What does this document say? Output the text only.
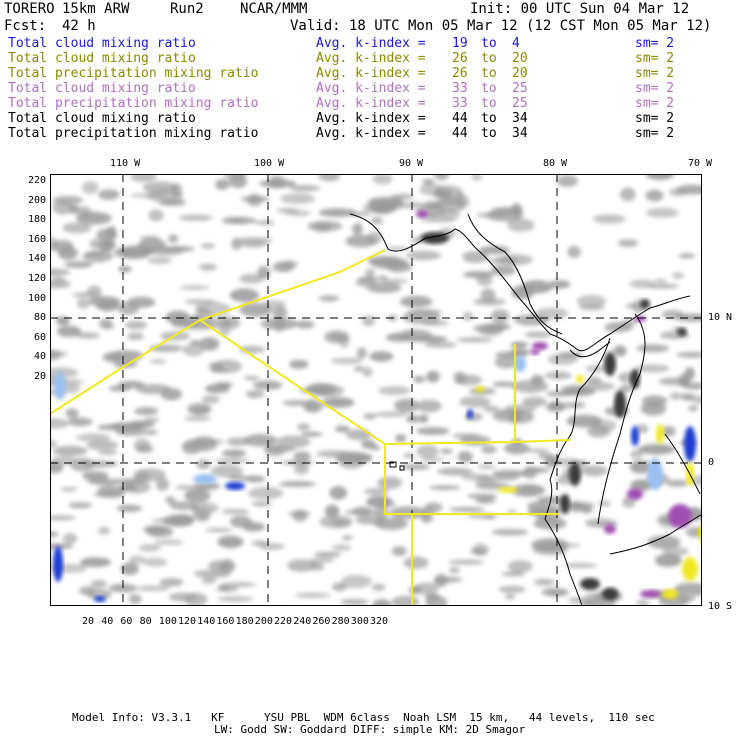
TORERO 15km ARW	Run2	NCAR/MMM	Init: 00 UTC Sun 04 Mar 12
Fcst: 42 h	Valid: 18 UTC Mon 05 Mar 12 (12 CST Mon 05 Mar 12)
Total cloud mixing ratio	Avg. k-index = 19 to 4	sm= 2
Total cloud mixing ratio	Avg. k-index = 26 to 20	sm= 2
Total precipitation mixing ratio	Avg. k-index = 26 to 20	sm= 2
Total cloud mixing ratio	Avg. k-index = 33 to 25	sm= 2
Total precipitation mixing ratio	Avg. k-index = 33 to 25	sm= 2
Total cloud mixing ratio	Avg. k-index = 44 to 34	sm= 2
Total precipitation mixing ratio	Avg. k-index = 44 to 34	sm= 2
110 W	100 W	90 W	80 W	70 W
10 N
0
10 S
220
200
180
160
140
120
100
80
60
40
20
20 40 60 80 100 120 140 160 180 200 220 240 260 280 300 320
Model Info: V3.3.1   KF      YSU PBL  WDM 6class  Noah LSM  15 km,   44 levels,  110 sec
LW: Godd SW: Goddard DIFF: simple KM: 2D Smagor
